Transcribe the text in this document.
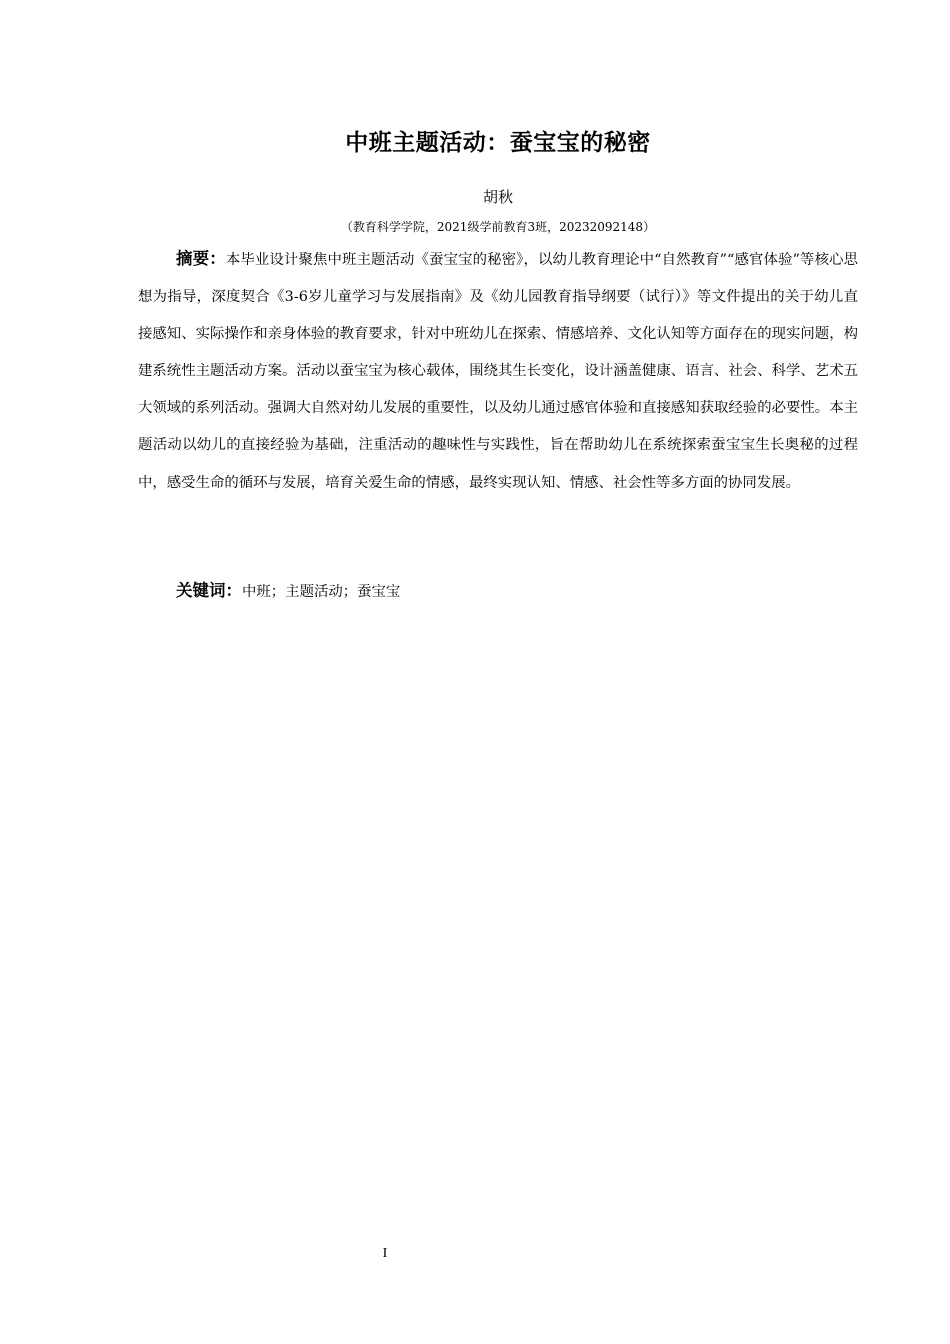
中班主题活动：蚕宝宝的秘密
胡秋
（教育科学学院，2021级学前教育3班，20232092148）

摘要：本毕业设计聚焦中班主题活动《蚕宝宝的秘密》，以幼儿教育理论中“自然教育”“感官体验”等核心思想为指导，深度契合《3-6岁儿童学习与发展指南》及《幼儿园教育指导纲要（试行）》等文件提出的关于幼儿直接感知、实际操作和亲身体验的教育要求，针对中班幼儿在探索、情感培养、文化认知等方面存在的现实问题，构建系统性主题活动方案。活动以蚕宝宝为核心载体，围绕其生长变化，设计涵盖健康、语言、社会、科学、艺术五大领域的系列活动。强调大自然对幼儿发展的重要性，以及幼儿通过感官体验和直接感知获取经验的必要性。本主题活动以幼儿的直接经验为基础，注重活动的趣味性与实践性，旨在帮助幼儿在系统探索蚕宝宝生长奥秘的过程中，感受生命的循环与发展，培育关爱生命的情感，最终实现认知、情感、社会性等多方面的协同发展。

关键词：中班；主题活动；蚕宝宝

I
